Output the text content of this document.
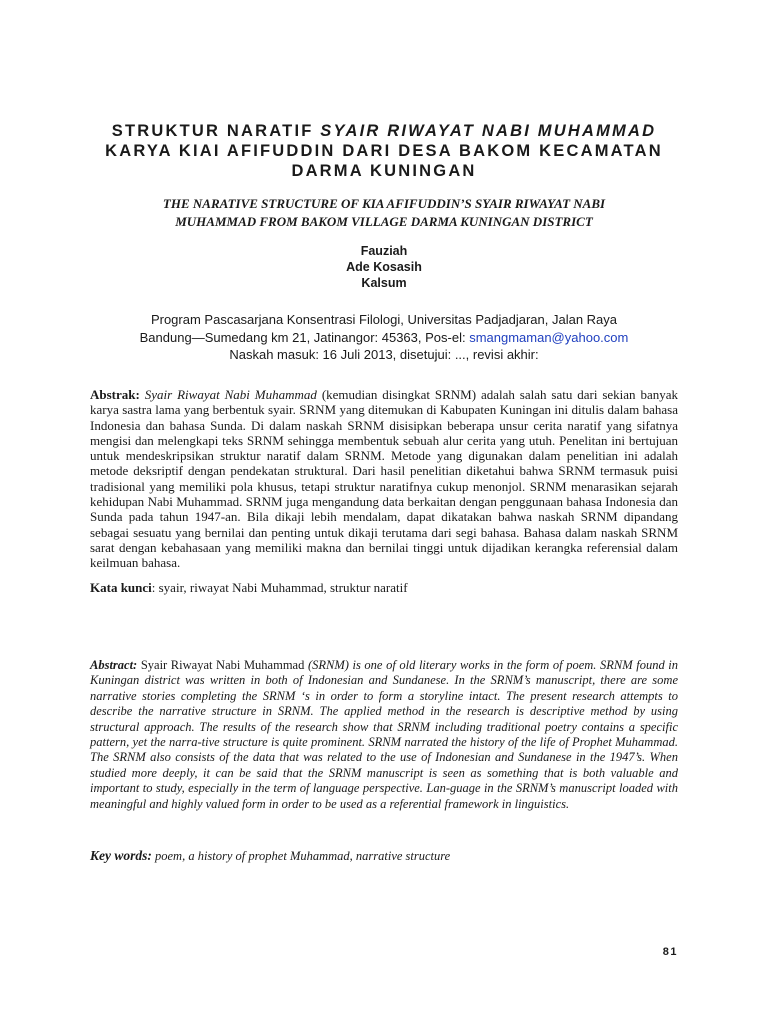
STRUKTUR NARATIF SYAIR RIWAYAT NABI MUHAMMAD
KARYA KIAI AFIFUDDIN DARI DESA BAKOM KECAMATAN
DARMA KUNINGAN
THE NARATIVE STRUCTURE OF KIA AFIFUDDIN’S SYAIR RIWAYAT NABI
MUHAMMAD FROM BAKOM VILLAGE DARMA KUNINGAN DISTRICT
Fauziah
Ade Kosasih
Kalsum
Program Pascasarjana Konsentrasi Filologi, Universitas Padjadjaran, Jalan Raya
Bandung—Sumedang km 21, Jatinangor: 45363, Pos-el: smangmaman@yahoo.com
Naskah masuk: 16 Juli 2013, disetujui: ..., revisi akhir:
Abstrak: Syair Riwayat Nabi Muhammad (kemudian disingkat SRNM) adalah salah satu dari sekian banyak karya sastra lama yang berbentuk syair. SRNM yang ditemukan di Kabupaten Kuningan ini ditulis dalam bahasa Indonesia dan bahasa Sunda. Di dalam naskah SRNM disisipkan beberapa unsur cerita naratif yang sifatnya mengisi dan melengkapi teks SRNM sehingga membentuk sebuah alur cerita yang utuh. Penelitan ini bertujuan untuk mendeskripsikan struktur naratif dalam SRNM. Metode yang digunakan dalam penelitian ini adalah metode deksriptif dengan pendekatan struktural. Dari hasil penelitian diketahui bahwa SRNM termasuk puisi tradisional yang memiliki pola khusus, tetapi struktur naratifnya cukup menonjol. SRNM menarasikan sejarah kehidupan Nabi Muhammad. SRNM juga mengandung data berkaitan dengan penggunaan bahasa Indonesia dan Sunda pada tahun 1947-an. Bila dikaji lebih mendalam, dapat dikatakan bahwa naskah SRNM dipandang sebagai sesuatu yang bernilai dan penting untuk dikaji terutama dari segi bahasa. Bahasa dalam naskah SRNM sarat dengan kebahasaan yang memiliki makna dan bernilai tinggi untuk dijadikan kerangka referensial dalam keilmuan bahasa.
Kata kunci: syair, riwayat Nabi Muhammad, struktur naratif
Abstract: Syair Riwayat Nabi Muhammad (SRNM) is one of old literary works in the form of poem. SRNM found in Kuningan district was written in both of Indonesian and Sundanese. In the SRNM’s manuscript, there are some narrative stories completing the SRNM ‘s in order to form a storyline intact. The present research attempts to describe the narrative structure in SRNM. The applied method in the research is descriptive method by using structural approach. The results of the research show that SRNM including traditional poetry contains a specific pattern, yet the narra-tive structure is quite prominent. SRNM narrated the history of the life of Prophet Muhammad. The SRNM also consists of the data that was related to the use of Indonesian and Sundanese in the 1947’s. When studied more deeply, it can be said that the SRNM manuscript is seen as something that is both valuable and important to study, especially in the term of language perspective. Lan-guage in the SRNM’s manuscript loaded with meaningful and highly valued form in order to be used as a referential framework in linguistics.
Key words: poem, a history of prophet Muhammad, narrative structure
81
